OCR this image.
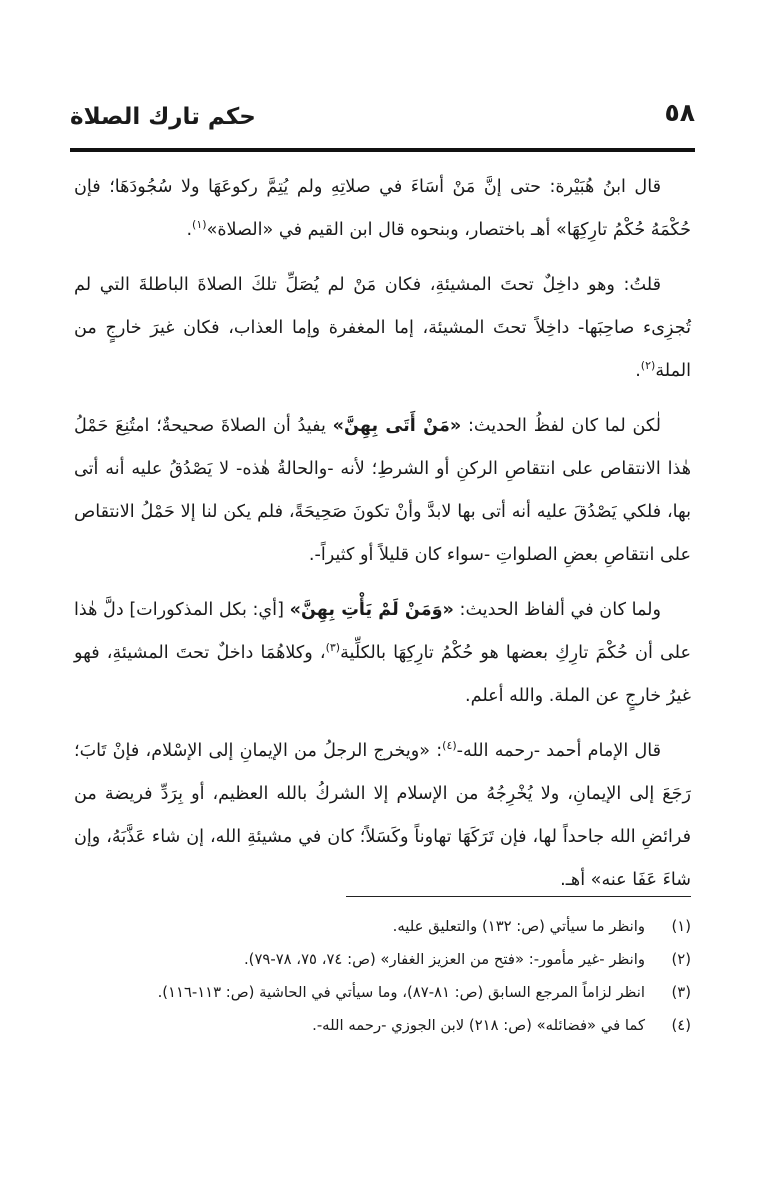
حكم تارك الصلاة	٥٨

قال ابنُ هُبَيْرة: حتى إنَّ مَنْ أسَاءَ في صلاتِهِ ولم يُتِمَّ ركوعَهَا ولا سُجُودَهَا؛ فإن حُكْمَهُ حُكْمُ تارِكِهَا» أهـ باختصار، وبنحوه قال ابن القيم في «الصلاة»$^{(١)}$.

قلتُ: وهو داخِلٌ تحتَ المشيئةِ، فكان مَنْ لم يُصَلِّ تلكَ الصلاةَ الباطلةَ التي لم تُجزِىء صاحِبَها- داخِلاً تحتَ المشيئة، إما المغفرة وإما العذاب، فكان غيرَ خارجٍ من الملة$^{(٢)}$.

لٰكن لما كان لفظُ الحديث: «مَنْ أَتَى بِهِنَّ» يفيدُ أن الصلاةَ صحيحةٌ؛ امتُنِعَ حَمْلُ هٰذا الانتقاص على انتقاصِ الركنِ أو الشرطِ؛ لأنه -والحالةُ هٰذه- لا يَصْدُقُ عليه أنه أتى بها، فلكي يَصْدُقَ عليه أنه أتى بها لابدَّ وأنْ تكونَ صَحِيحَةً، فلم يكن لنا إلا حَمْلُ الانتقاص على انتقاصِ بعضِ الصلواتِ -سواء كان قليلاً أو كثيراً-.

ولما كان في ألفاظ الحديث: «وَمَنْ لَمْ يَأْتِ بِهِنَّ» [أي: بكل المذكورات] دلَّ هٰذا على أن حُكْمَ تارِكِ بعضها هو حُكْمُ تارِكِهَا بالكلِّية$^{(٣)}$، وكلاهُمَا داخلٌ تحتَ المشيئةِ، فهو غيرُ خارجٍ عن الملة. والله أعلم.

قال الإمام أحمد -رحمه الله-$^{(٤)}$: «ويخرج الرجلُ من الإيمانِ إلى الإسْلام، فإنْ تَابَ؛ رَجَعَ إلى الإيمانِ، ولا يُخْرِجُهُ من الإسلام إلا الشركُ بالله العظيم، أو بِرَدِّ فريضة من فرائضِ الله جاحداً لها، فإن تَرَكَهَا تهاوناً وكَسَلاً؛ كان في مشيئةِ الله، إن شاء عَذَّبَهُ، وإن شاءَ عَفَا عنه» أهـ.

(١)
وانظر ما سيأتي (ص: ١٣٢) والتعليق عليه.
(٢)
وانظر -غير مأمور-: «فتح من العزيز الغفار» (ص: ٧٤، ٧٥، ٧٨-٧٩).
(٣)
انظر لزاماً المرجع السابق (ص: ٨١-٨٧)، وما سيأتي في الحاشية (ص: ١١٣-١١٦).
(٤)
كما في «فضائله» (ص: ٢١٨) لابن الجوزي -رحمه الله-.
